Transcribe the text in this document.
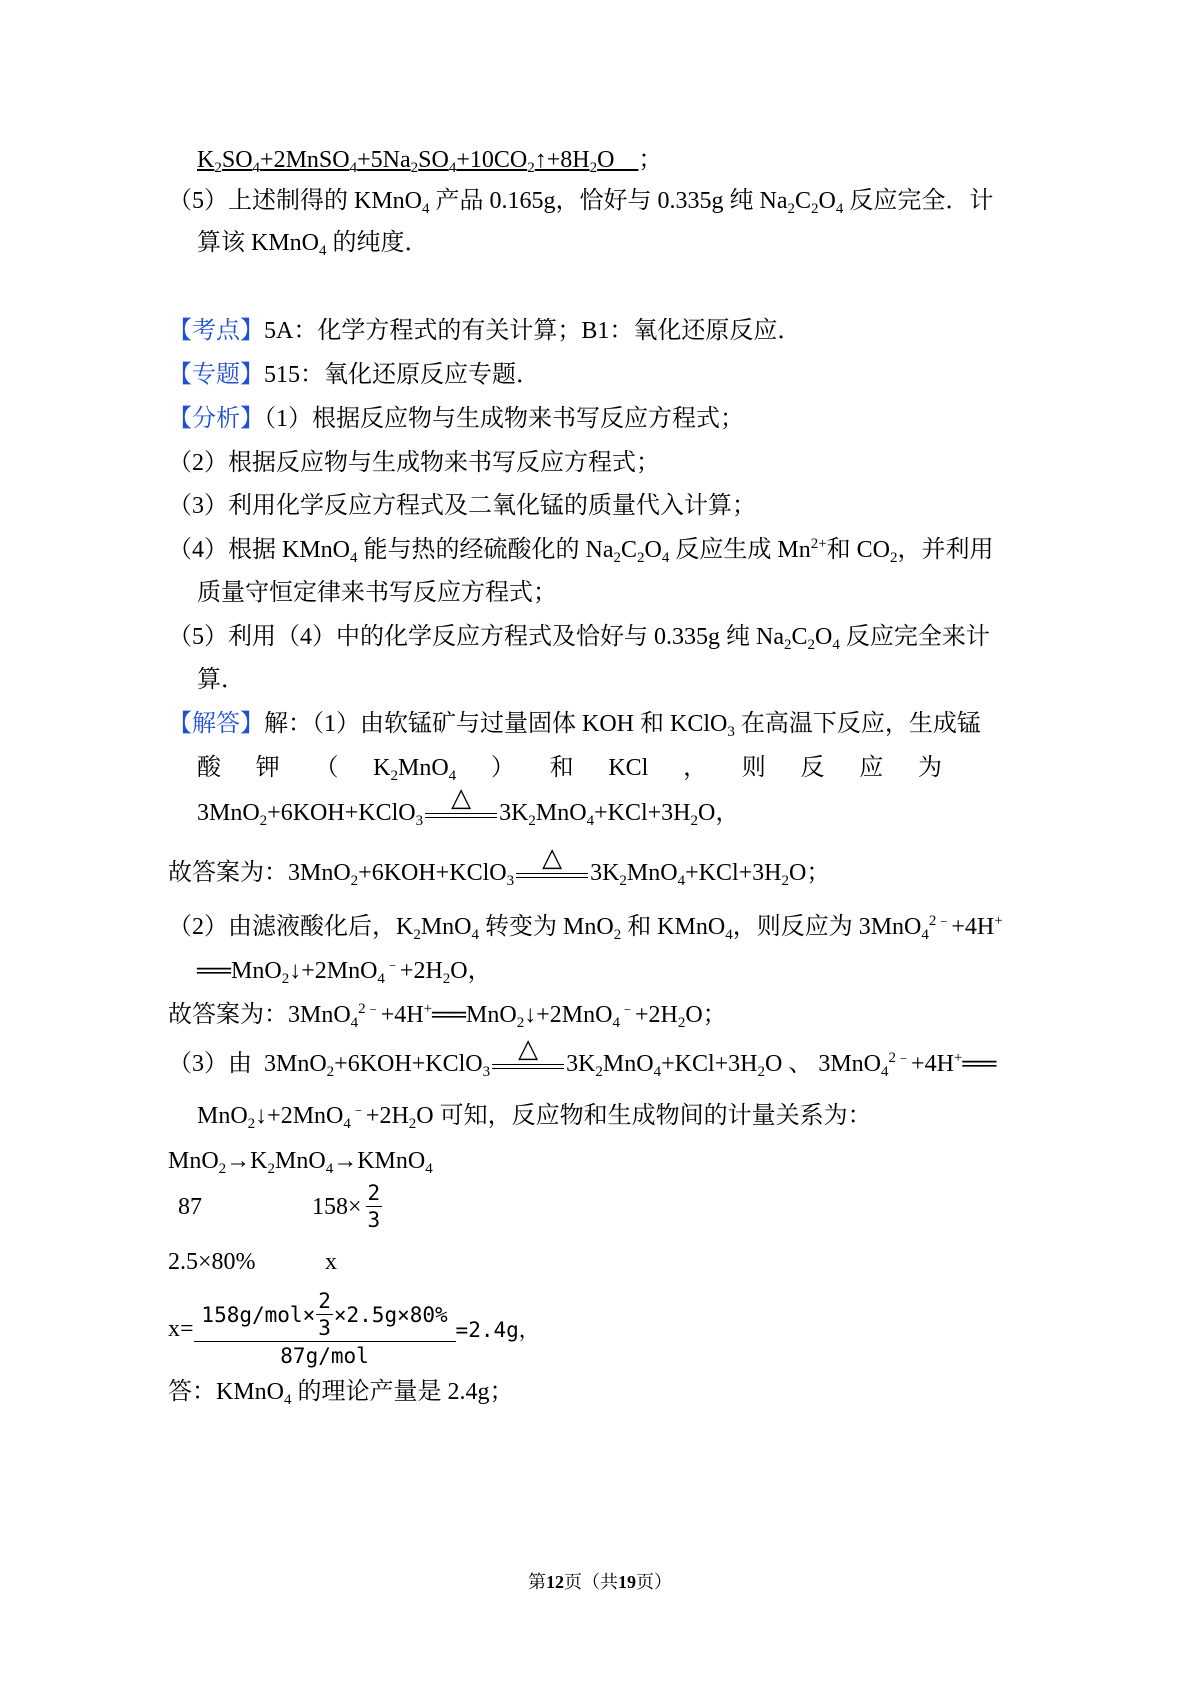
$K_2SO_4+2MnSO_4+5Na_2SO_4+10CO_2↑+8H_2O$    ；
（5）上述制得的 KMnO$_4$ 产品 0.165g，恰好与 0.335g 纯 $Na_2C_2O_4$ 反应完全．计
算该 KMnO$_4$ 的纯度．
【考点】5A：化学方程式的有关计算；B1：氧化还原反应．
【专题】515：氧化还原反应专题．
【分析】（1）根据反应物与生成物来书写反应方程式；
（2）根据反应物与生成物来书写反应方程式；
（3）利用化学反应方程式及二氧化锰的质量代入计算；
（4）根据 KMnO$_4$ 能与热的经硫酸化的 $Na_2C_2O_4$ 反应生成 $Mn^{2+}$和 $CO_2$，并利用
质量守恒定律来书写反应方程式；
（5）利用（4）中的化学反应方程式及恰好与 0.335g 纯 $Na_2C_2O_4$ 反应完全来计
算．
【解答】解：（1）由软锰矿与过量固体 KOH 和 KClO$_3$ 在高温下反应，生成锰
酸 钾 （ $K_2MnO_4$ ） 和 KCl ， 则 反 应 为
3MnO$_2$+6KOH+KClO$_3$
△
$3K_2MnO_4+KCl+3H_2O$，
故答案为：3MnO$_2$+6KOH+KClO$_3$
△
$3K_2MnO_4+KCl+3H_2O$；
（2）由滤液酸化后，$K_2MnO_4$ 转变为 MnO$_2$ 和 KMnO$_4$，则反应为 3MnO$_4^{2﹣}$+4H+
$══MnO_2↓+2MnO_4^﹣+2H_2O$，
故答案为：$3MnO_4^{2﹣}+4H^+══MnO_2↓+2MnO_4^﹣+2H_2O$；
（3）由  3MnO$_2$+6KOH+KClO$_3$
△
$3K_2MnO_4+KCl+3H_2O$ 、 3MnO$_4^{2﹣}$+4H+══
$MnO_2↓+2MnO_4^﹣+2H_2O$ 可知，反应物和生成物间的计量关系为：
$MnO_2\to K_2MnO_4\to KMnO_4$
87	$158\times \frac{2}{3}$
2.5×80%	x
x=
$158g/mol\times \frac{2}{3} \times 2.5g\times 80\%$
87g/mol
=2.4g，
答：KMnO$_4$ 的理论产量是 2.4g；
第12页（共19页）
